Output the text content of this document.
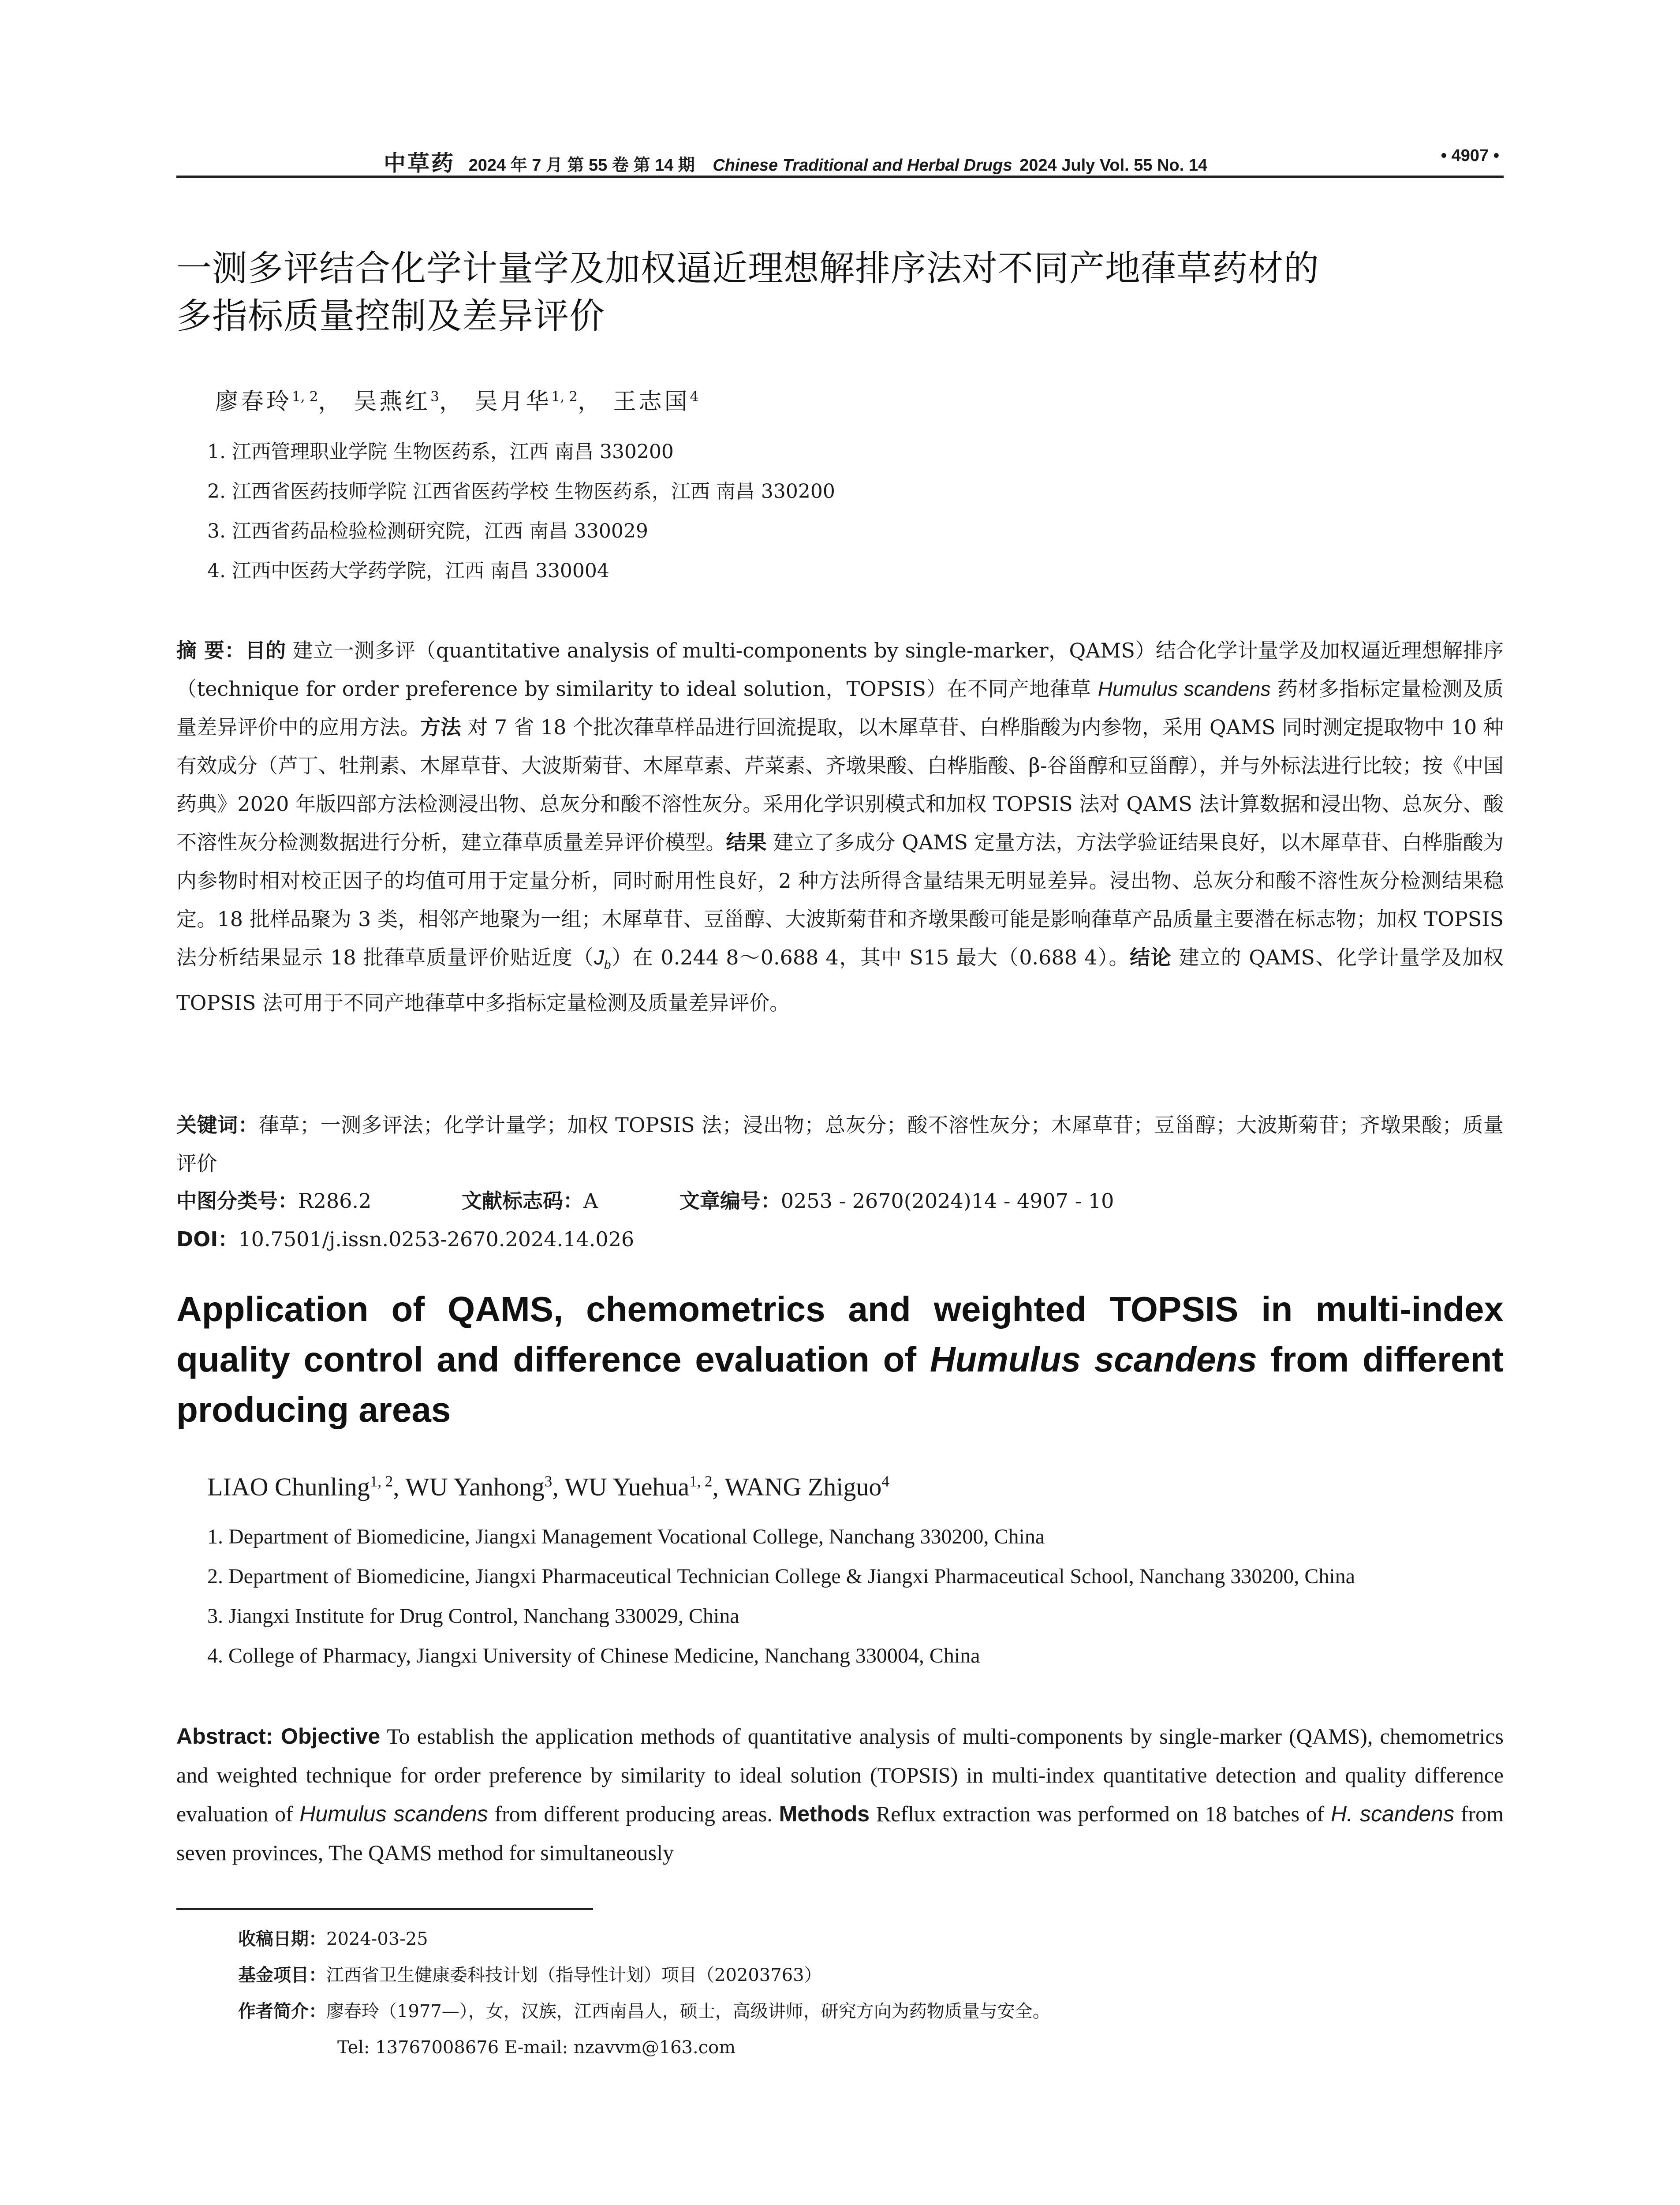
中草药 2024 年 7 月 第 55 卷 第 14 期 Chinese Traditional and Herbal Drugs 2024 July Vol. 55 No. 14
• 4907 •
一测多评结合化学计量学及加权逼近理想解排序法对不同产地葎草药材的
多指标质量控制及差异评价
廖春玲$^{1, 2}$， 吴燕红$^3$， 吴月华$^{1, 2}$， 王志国$^4$
1. 江西管理职业学院 生物医药系，江西 南昌 330200
2. 江西省医药技师学院 江西省医药学校 生物医药系，江西 南昌 330200
3. 江西省药品检验检测研究院，江西 南昌 330029
4. 江西中医药大学药学院，江西 南昌 330004
摘 要：目的 建立一测多评（quantitative analysis of multi-components by single-marker，QAMS）结合化学计量学及加权逼近理想解排序（technique for order preference by similarity to ideal solution，TOPSIS）在不同产地葎草 Humulus scandens 药材多指标定量检测及质量差异评价中的应用方法。方法 对 7 省 18 个批次葎草样品进行回流提取，以木犀草苷、白桦脂酸为内参物，采用 QAMS 同时测定提取物中 10 种有效成分（芦丁、牡荆素、木犀草苷、大波斯菊苷、木犀草素、芹菜素、齐墩果酸、白桦脂酸、β-谷甾醇和豆甾醇），并与外标法进行比较；按《中国药典》2020 年版四部方法检测浸出物、总灰分和酸不溶性灰分。采用化学识别模式和加权 TOPSIS 法对 QAMS 法计算数据和浸出物、总灰分、酸不溶性灰分检测数据进行分析，建立葎草质量差异评价模型。结果 建立了多成分 QAMS 定量方法，方法学验证结果良好，以木犀草苷、白桦脂酸为内参物时相对校正因子的均值可用于定量分析，同时耐用性良好，2 种方法所得含量结果无明显差异。浸出物、总灰分和酸不溶性灰分检测结果稳定。18 批样品聚为 3 类，相邻产地聚为一组；木犀草苷、豆甾醇、大波斯菊苷和齐墩果酸可能是影响葎草产品质量主要潜在标志物；加权 TOPSIS 法分析结果显示 18 批葎草质量评价贴近度$(J_b)$在 0.244 8～0.688 4，其中 S15 最大（0.688 4）。结论 建立的 QAMS、化学计量学及加权 TOPSIS 法可用于不同产地葎草中多指标定量检测及质量差异评价。
关键词：葎草；一测多评法；化学计量学；加权 TOPSIS 法；浸出物；总灰分；酸不溶性灰分；木犀草苷；豆甾醇；大波斯菊苷；齐墩果酸；质量评价
中图分类号：R286.2	文献标志码：A	文章编号：0253 - 2670(2024)14 - 4907 - 10
DOI：10.7501/j.issn.0253-2670.2024.14.026
Application of QAMS, chemometrics and weighted TOPSIS in multi-index quality control and difference evaluation of Humulus scandens from different producing areas
LIAO Chunling$^{1, 2}$, WU Yanhong$^3$, WU Yuehua$^{1, 2}$, WANG Zhiguo$^4$
1. Department of Biomedicine, Jiangxi Management Vocational College, Nanchang 330200, China
2. Department of Biomedicine, Jiangxi Pharmaceutical Technician College & Jiangxi Pharmaceutical School, Nanchang 330200, China
3. Jiangxi Institute for Drug Control, Nanchang 330029, China
4. College of Pharmacy, Jiangxi University of Chinese Medicine, Nanchang 330004, China
Abstract: Objective To establish the application methods of quantitative analysis of multi-components by single-marker (QAMS), chemometrics and weighted technique for order preference by similarity to ideal solution (TOPSIS) in multi-index quantitative detection and quality difference evaluation of Humulus scandens from different producing areas. Methods Reflux extraction was performed on 18 batches of H. scandens from seven provinces, The QAMS method for simultaneously
收稿日期：2024-03-25
基金项目：江西省卫生健康委科技计划（指导性计划）项目（20203763）
作者简介：廖春玲（1977—），女，汉族，江西南昌人，硕士，高级讲师，研究方向为药物质量与安全。
Tel: 13767008676 E-mail: nzavvm@163.com
